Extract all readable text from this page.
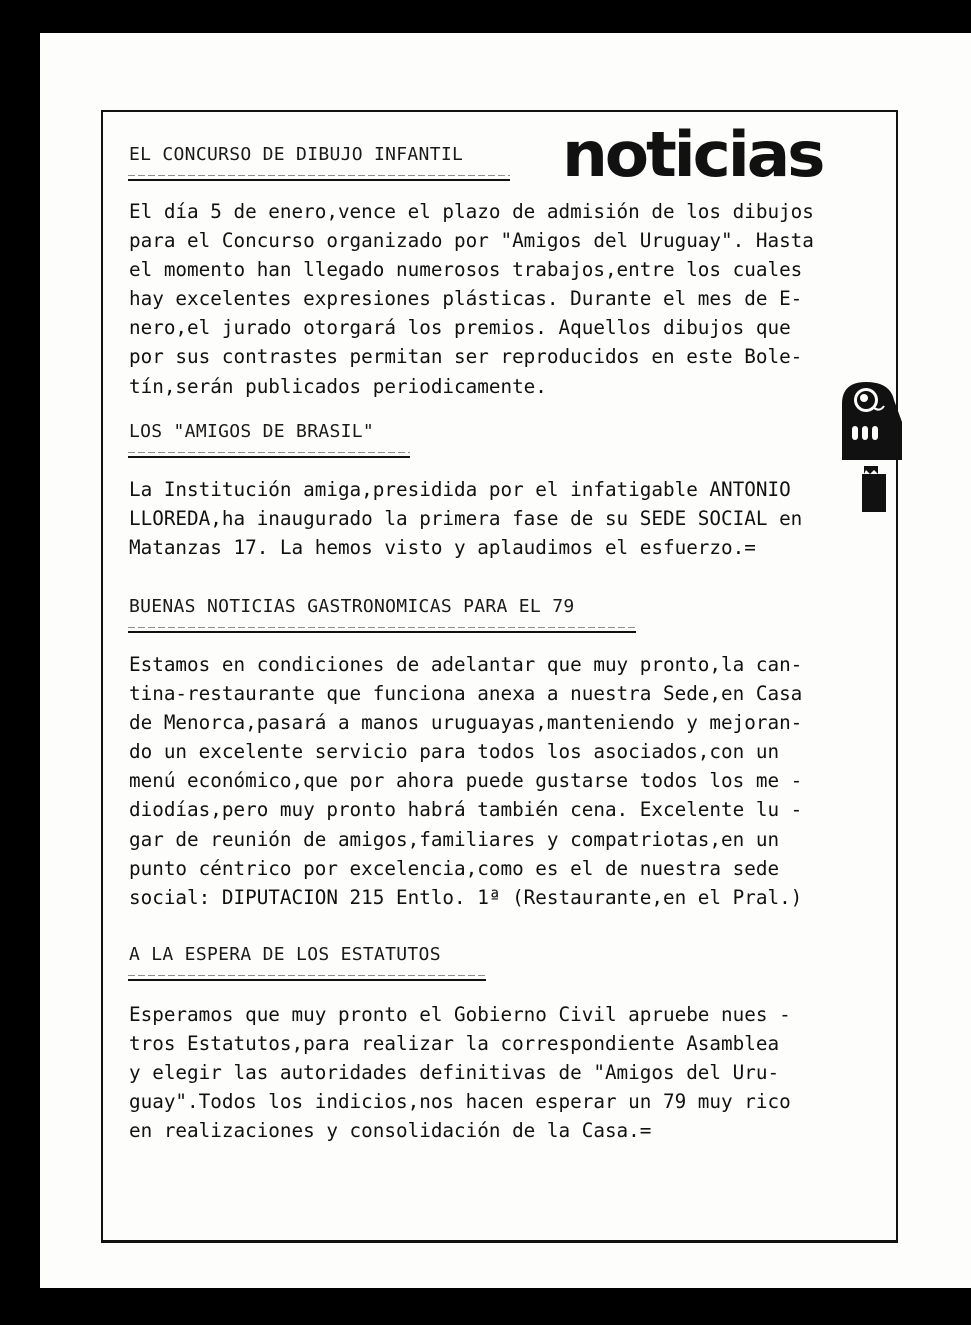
noticias
EL CONCURSO DE DIBUJO INFANTIL
El día 5 de enero,vence el plazo de admisión de los dibujos
para el Concurso organizado por "Amigos del Uruguay". Hasta
el momento han llegado numerosos trabajos,entre los cuales
hay excelentes expresiones plásticas. Durante el mes de E-
nero,el jurado otorgará los premios. Aquellos dibujos que
por sus contrastes permitan ser reproducidos en este Bole-
tín,serán publicados periodicamente.
LOS "AMIGOS DE BRASIL"
La Institución amiga,presidida por el infatigable ANTONIO
LLOREDA,ha inaugurado la primera fase de su SEDE SOCIAL en
Matanzas 17. La hemos visto y aplaudimos el esfuerzo.=
BUENAS NOTICIAS GASTRONOMICAS PARA EL 79
Estamos en condiciones de adelantar que muy pronto,la can-
tina-restaurante que funciona anexa a nuestra Sede,en Casa
de Menorca,pasará a manos uruguayas,manteniendo y mejoran-
do un excelente servicio para todos los asociados,con un
menú económico,que por ahora puede gustarse todos los me -
diodías,pero muy pronto habrá también cena. Excelente lu -
gar de reunión de amigos,familiares y compatriotas,en un
punto céntrico por excelencia,como es el de nuestra sede
social: DIPUTACION 215 Entlo. 1ª (Restaurante,en el Pral.)
A LA ESPERA DE LOS ESTATUTOS
Esperamos que muy pronto el Gobierno Civil apruebe nues -
tros Estatutos,para realizar la correspondiente Asamblea
y elegir las autoridades definitivas de "Amigos del Uru-
guay".Todos los indicios,nos hacen esperar un 79 muy rico
en realizaciones y consolidación de la Casa.=
